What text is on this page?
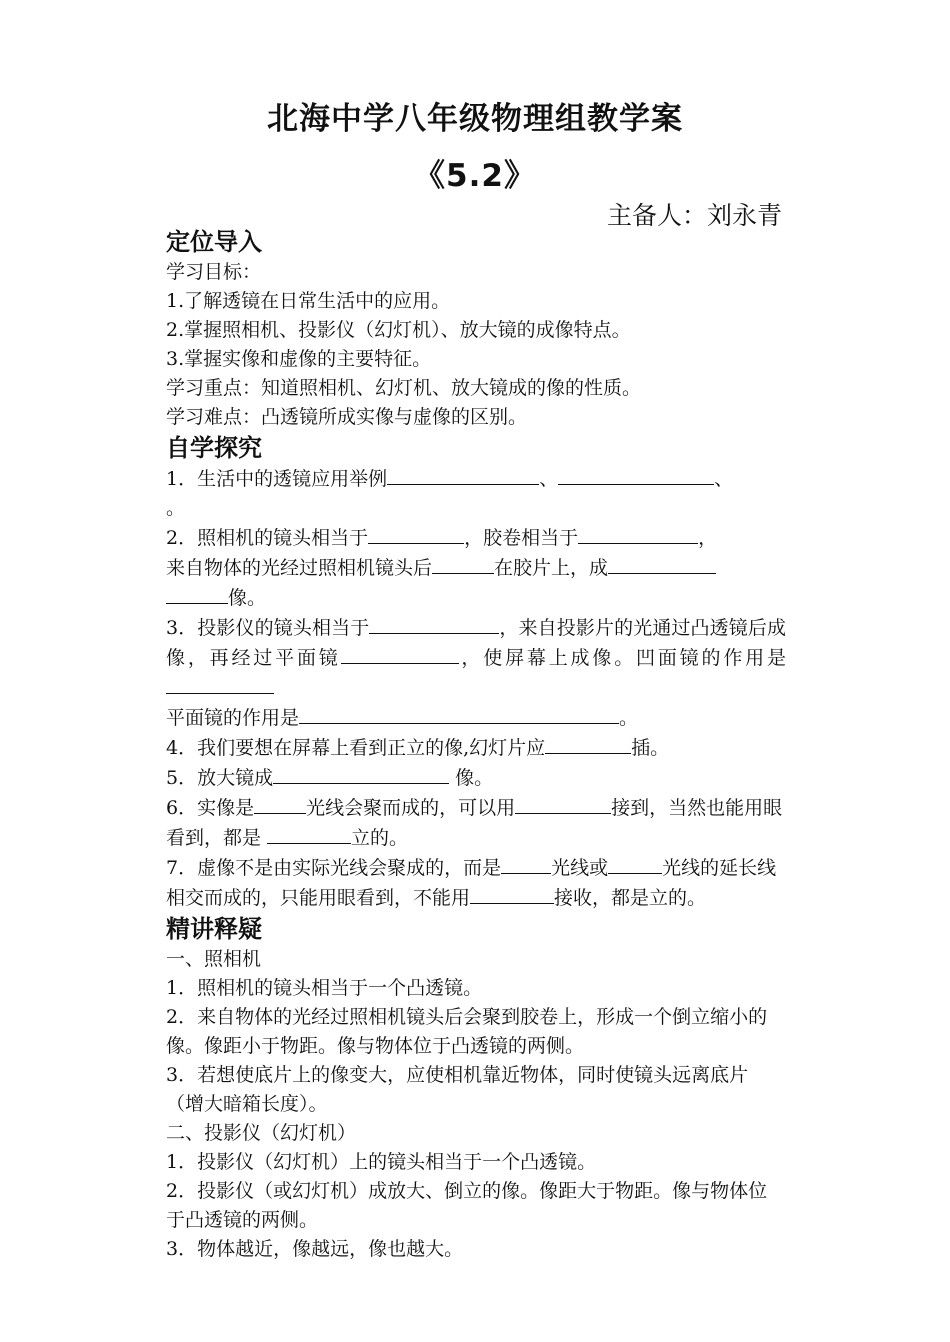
北海中学八年级物理组教学案
《5.2》
主备人：刘永青
定位导入

学习目标：

1.了解透镜在日常生活中的应用。

2.掌握照相机、投影仪（幻灯机）、放大镜的成像特点。

3.掌握实像和虚像的主要特征。

学习重点：知道照相机、幻灯机、放大镜成的像的性质。

学习难点：凸透镜所成实像与虚像的区别。

自学探究

1．生活中的透镜应用举例	、	、
。

2．照相机的镜头相当于	，胶卷相当于	，
来自物体的光经过照相机镜头后	在胶片上，成
像。

3．投影仪的镜头相当于	，来自投影片的光通过凸透镜后成像，再经过平面镜	，使屏幕上成像。凹面镜的作用是

平面镜的作用是	。

4．我们要想在屏幕上看到正立的像,幻灯片应	插。

5．放大镜成	像。

6．实像是	光线会聚而成的，可以用	接到，当然也能用眼看到，都是	立的。

7．虚像不是由实际光线会聚成的，而是	光线或	光线的延长线相交而成的，只能用眼看到，不能用	接收，都是立的。

精讲释疑

一、照相机

1．照相机的镜头相当于一个凸透镜。

2．来自物体的光经过照相机镜头后会聚到胶卷上，形成一个倒立缩小的像。像距小于物距。像与物体位于凸透镜的两侧。

3．若想使底片上的像变大，应使相机靠近物体，同时使镜头远离底片（增大暗箱长度）。

二、投影仪（幻灯机）

1．投影仪（幻灯机）上的镜头相当于一个凸透镜。

2．投影仪（或幻灯机）成放大、倒立的像。像距大于物距。像与物体位于凸透镜的两侧。

3．物体越近，像越远，像也越大。
